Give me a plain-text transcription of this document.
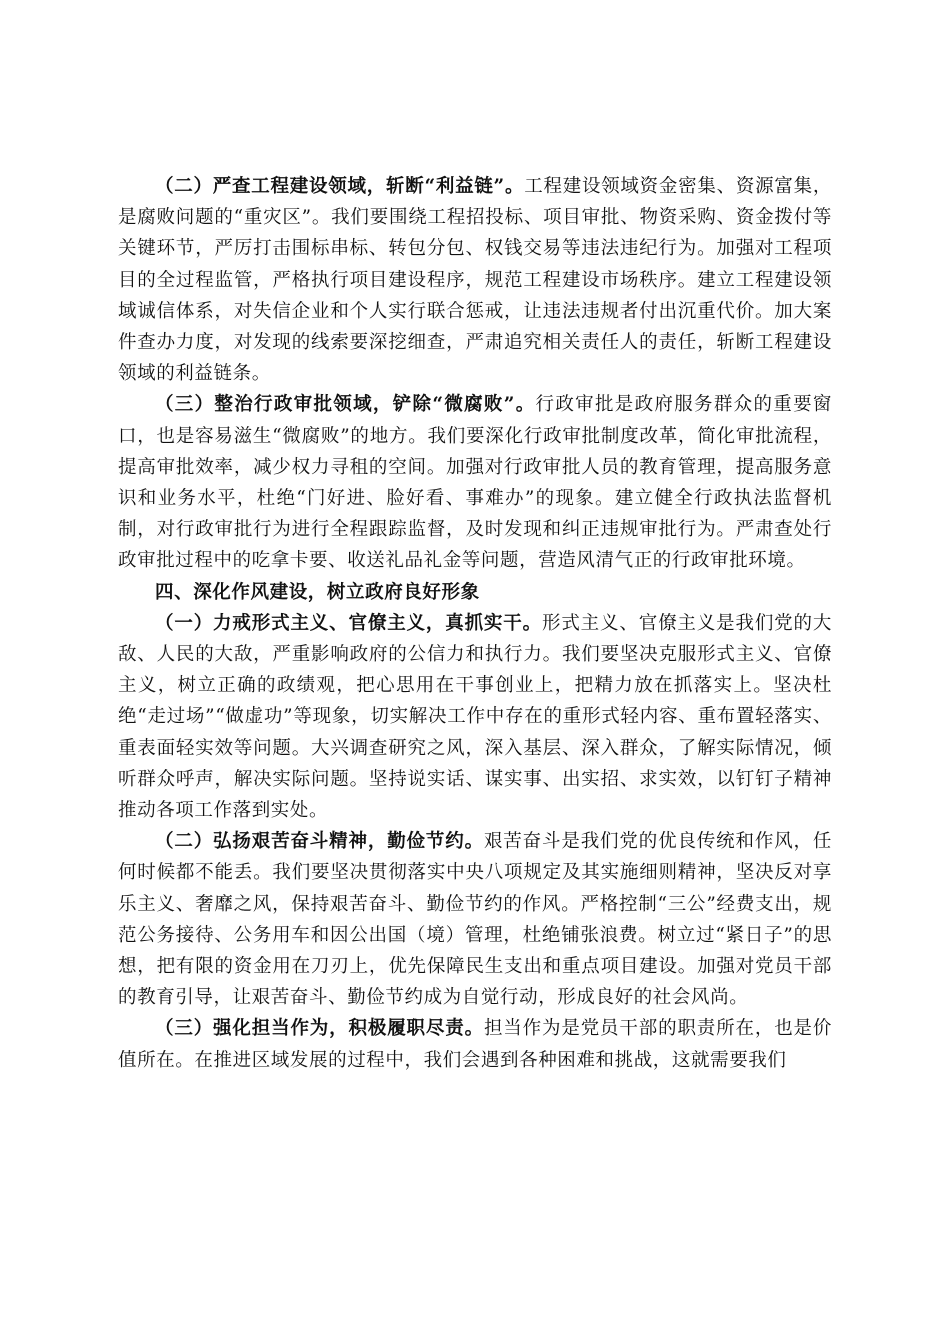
（二）严查工程建设领域，斩断“利益链”。工程建设领域资金密集、资源富集，是腐败问题的“重灾区”。我们要围绕工程招投标、项目审批、物资采购、资金拨付等关键环节，严厉打击围标串标、转包分包、权钱交易等违法违纪行为。加强对工程项目的全过程监管，严格执行项目建设程序，规范工程建设市场秩序。建立工程建设领域诚信体系，对失信企业和个人实行联合惩戒，让违法违规者付出沉重代价。加大案件查办力度，对发现的线索要深挖细查，严肃追究相关责任人的责任，斩断工程建设领域的利益链条。

（三）整治行政审批领域，铲除“微腐败”。行政审批是政府服务群众的重要窗口，也是容易滋生“微腐败”的地方。我们要深化行政审批制度改革，简化审批流程，提高审批效率，减少权力寻租的空间。加强对行政审批人员的教育管理，提高服务意识和业务水平，杜绝“门好进、脸好看、事难办”的现象。建立健全行政执法监督机制，对行政审批行为进行全程跟踪监督，及时发现和纠正违规审批行为。严肃查处行政审批过程中的吃拿卡要、收送礼品礼金等问题，营造风清气正的行政审批环境。

四、深化作风建设，树立政府良好形象

（一）力戒形式主义、官僚主义，真抓实干。形式主义、官僚主义是我们党的大敌、人民的大敌，严重影响政府的公信力和执行力。我们要坚决克服形式主义、官僚主义，树立正确的政绩观，把心思用在干事创业上，把精力放在抓落实上。坚决杜绝“走过场”“做虚功”等现象，切实解决工作中存在的重形式轻内容、重布置轻落实、重表面轻实效等问题。大兴调查研究之风，深入基层、深入群众，了解实际情况，倾听群众呼声，解决实际问题。坚持说实话、谋实事、出实招、求实效，以钉钉子精神推动各项工作落到实处。

（二）弘扬艰苦奋斗精神，勤俭节约。艰苦奋斗是我们党的优良传统和作风，任何时候都不能丢。我们要坚决贯彻落实中央八项规定及其实施细则精神，坚决反对享乐主义、奢靡之风，保持艰苦奋斗、勤俭节约的作风。严格控制“三公”经费支出，规范公务接待、公务用车和因公出国（境）管理，杜绝铺张浪费。树立过“紧日子”的思想，把有限的资金用在刀刃上，优先保障民生支出和重点项目建设。加强对党员干部的教育引导，让艰苦奋斗、勤俭节约成为自觉行动，形成良好的社会风尚。

（三）强化担当作为，积极履职尽责。担当作为是党员干部的职责所在，也是价值所在。在推进区域发展的过程中，我们会遇到各种困难和挑战，这就需要我们
